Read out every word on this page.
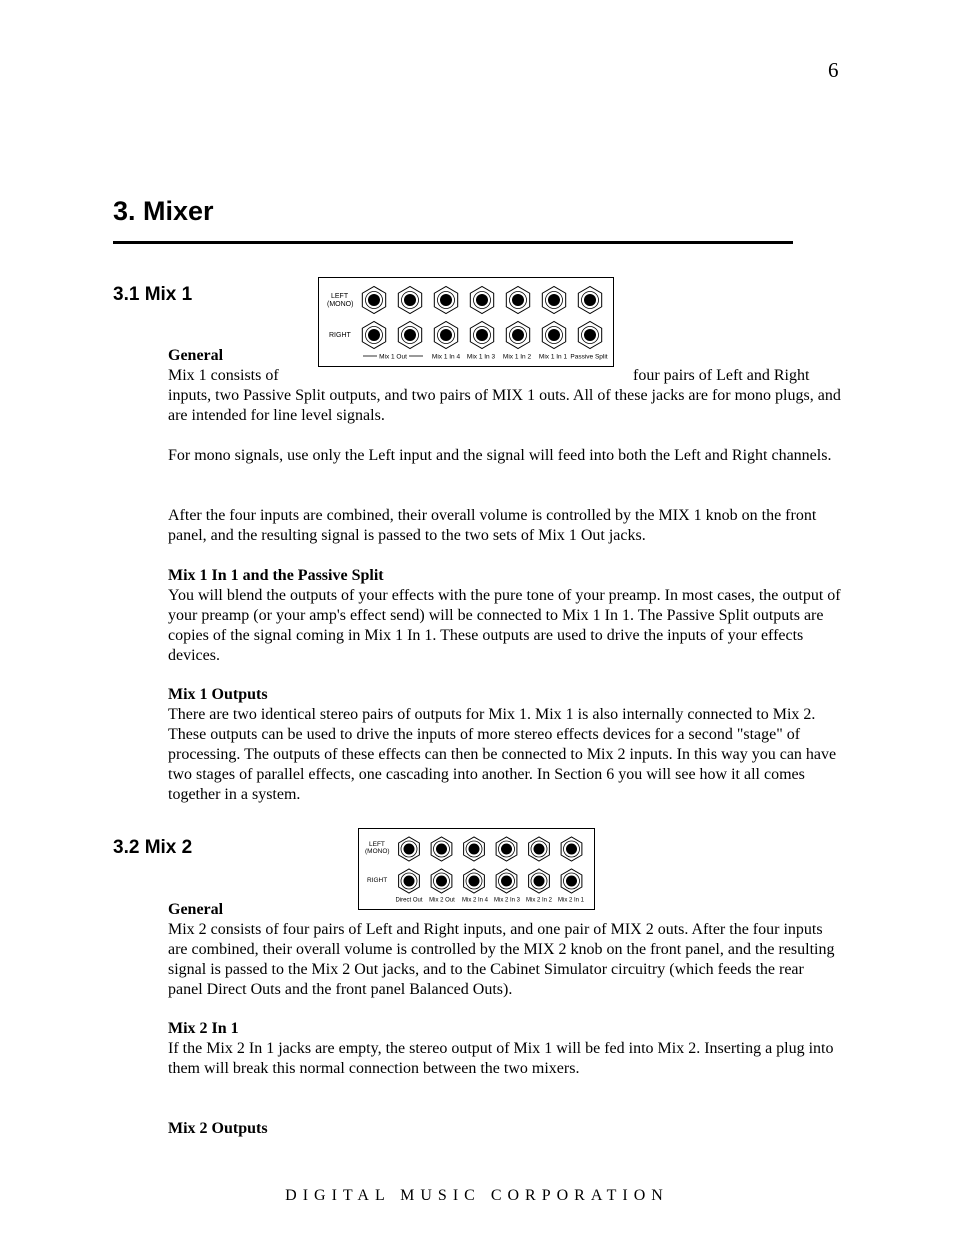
6
3. Mixer
3.1 Mix 1	LEFT
(MONO)
RIGHT
Mix 1 Out	Mix 1 In 4 Mix 1 In 3 Mix 1 In 2 Mix 1 In 1 Passive Split
General
Mix 1 consists of	four pairs of Left and Right

inputs, two Passive Split outputs, and two pairs of MIX 1 outs. All of these jacks are for mono plugs, and are intended for line level signals.

For mono signals, use only the Left input and the signal will feed into both the Left and Right channels.

After the four inputs are combined, their overall volume is controlled by the MIX 1 knob on the front panel, and the resulting signal is passed to the two sets of Mix 1 Out jacks.

Mix 1 In 1 and the Passive Split

You will blend the outputs of your effects with the pure tone of your preamp. In most cases, the output of your preamp (or your amp's effect send) will be connected to Mix 1 In 1. The Passive Split outputs are copies of the signal coming in Mix 1 In 1. These outputs are used to drive the inputs of your effects devices.

Mix 1 Outputs

There are two identical stereo pairs of outputs for Mix 1. Mix 1 is also internally connected to Mix 2. These outputs can be used to drive the inputs of more stereo effects devices for a second "stage" of processing. The outputs of these effects can then be connected to Mix 2 inputs. In this way you can have two stages of parallel effects, one cascading into another. In Section 6 you will see how it all comes together in a system.

3.2 Mix 2	LEFT
(MONO)
RIGHT
Direct Out Mix 2 Out Mix 2 In 4 Mix 2 In 3 Mix 2 In 2 Mix 2 In 1
General

Mix 2 consists of four pairs of Left and Right inputs, and one pair of MIX 2 outs. After the four inputs are combined, their overall volume is controlled by the MIX 2 knob on the front panel, and the resulting signal is passed to the Mix 2 Out jacks, and to the Cabinet Simulator circuitry (which feeds the rear panel Direct Outs and the front panel Balanced Outs).

Mix 2 In 1

If the Mix 2 In 1 jacks are empty, the stereo output of Mix 1 will be fed into Mix 2. Inserting a plug into them will break this normal connection between the two mixers.

Mix 2 Outputs
DIGITAL MUSIC CORPORATION
